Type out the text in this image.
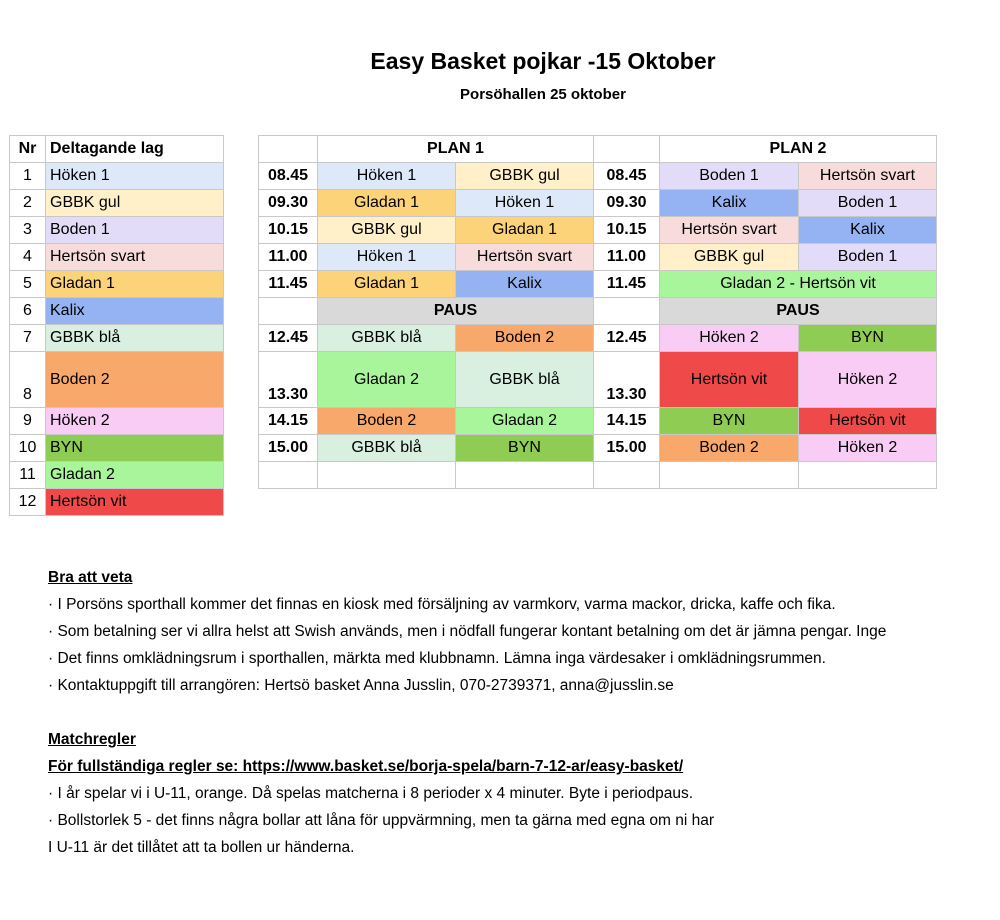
Easy Basket pojkar -15 Oktober
Porsöhallen 25 oktober
Nr	Deltagande lag
1	Höken 1
2	GBBK gul
3	Boden 1
4	Hertsön svart
5	Gladan 1
6	Kalix
7	GBBK blå
8	Boden 2
9	Höken 2
10	BYN
11	Gladan 2
12	Hertsön vit
	PLAN 1			PLAN 2	
08.45	Höken 1	GBBK gul	08.45	Boden 1	Hertsön svart
09.30	Gladan 1	Höken 1	09.30	Kalix	Boden 1
10.15	GBBK gul	Gladan 1	10.15	Hertsön svart	Kalix
11.00	Höken 1	Hertsön svart	11.00	GBBK gul	Boden 1
11.45	Gladan 1	Kalix	11.45	Gladan 2 - Hertsön vit	
	PAUS			PAUS	
12.45	GBBK blå	Boden 2	12.45	Höken 2	BYN
13.30	Gladan 2	GBBK blå	13.30	Hertsön vit	Höken 2
14.15	Boden 2	Gladan 2	14.15	BYN	Hertsön vit
15.00	GBBK blå	BYN	15.00	Boden 2	Höken 2

Bra att veta
· I Porsöns sporthall kommer det finnas en kiosk med försäljning av varmkorv, varma mackor, dricka, kaffe och fika.
· Som betalning ser vi allra helst att Swish används, men i nödfall fungerar kontant betalning om det är jämna pengar. Inge
· Det finns omklädningsrum i sporthallen, märkta med klubbnamn. Lämna inga värdesaker i omklädningsrummen.
· Kontaktuppgift till arrangören: Hertsö basket Anna Jusslin, 070-2739371, anna@jusslin.se
Matchregler
För fullständiga regler se: https://www.basket.se/borja-spela/barn-7-12-ar/easy-basket/
· I år spelar vi i U-11, orange. Då spelas matcherna i 8 perioder x 4 minuter. Byte i periodpaus.
· Bollstorlek 5 - det finns några bollar att låna för uppvärmning, men ta gärna med egna om ni har
I U-11 är det tillåtet att ta bollen ur händerna.
